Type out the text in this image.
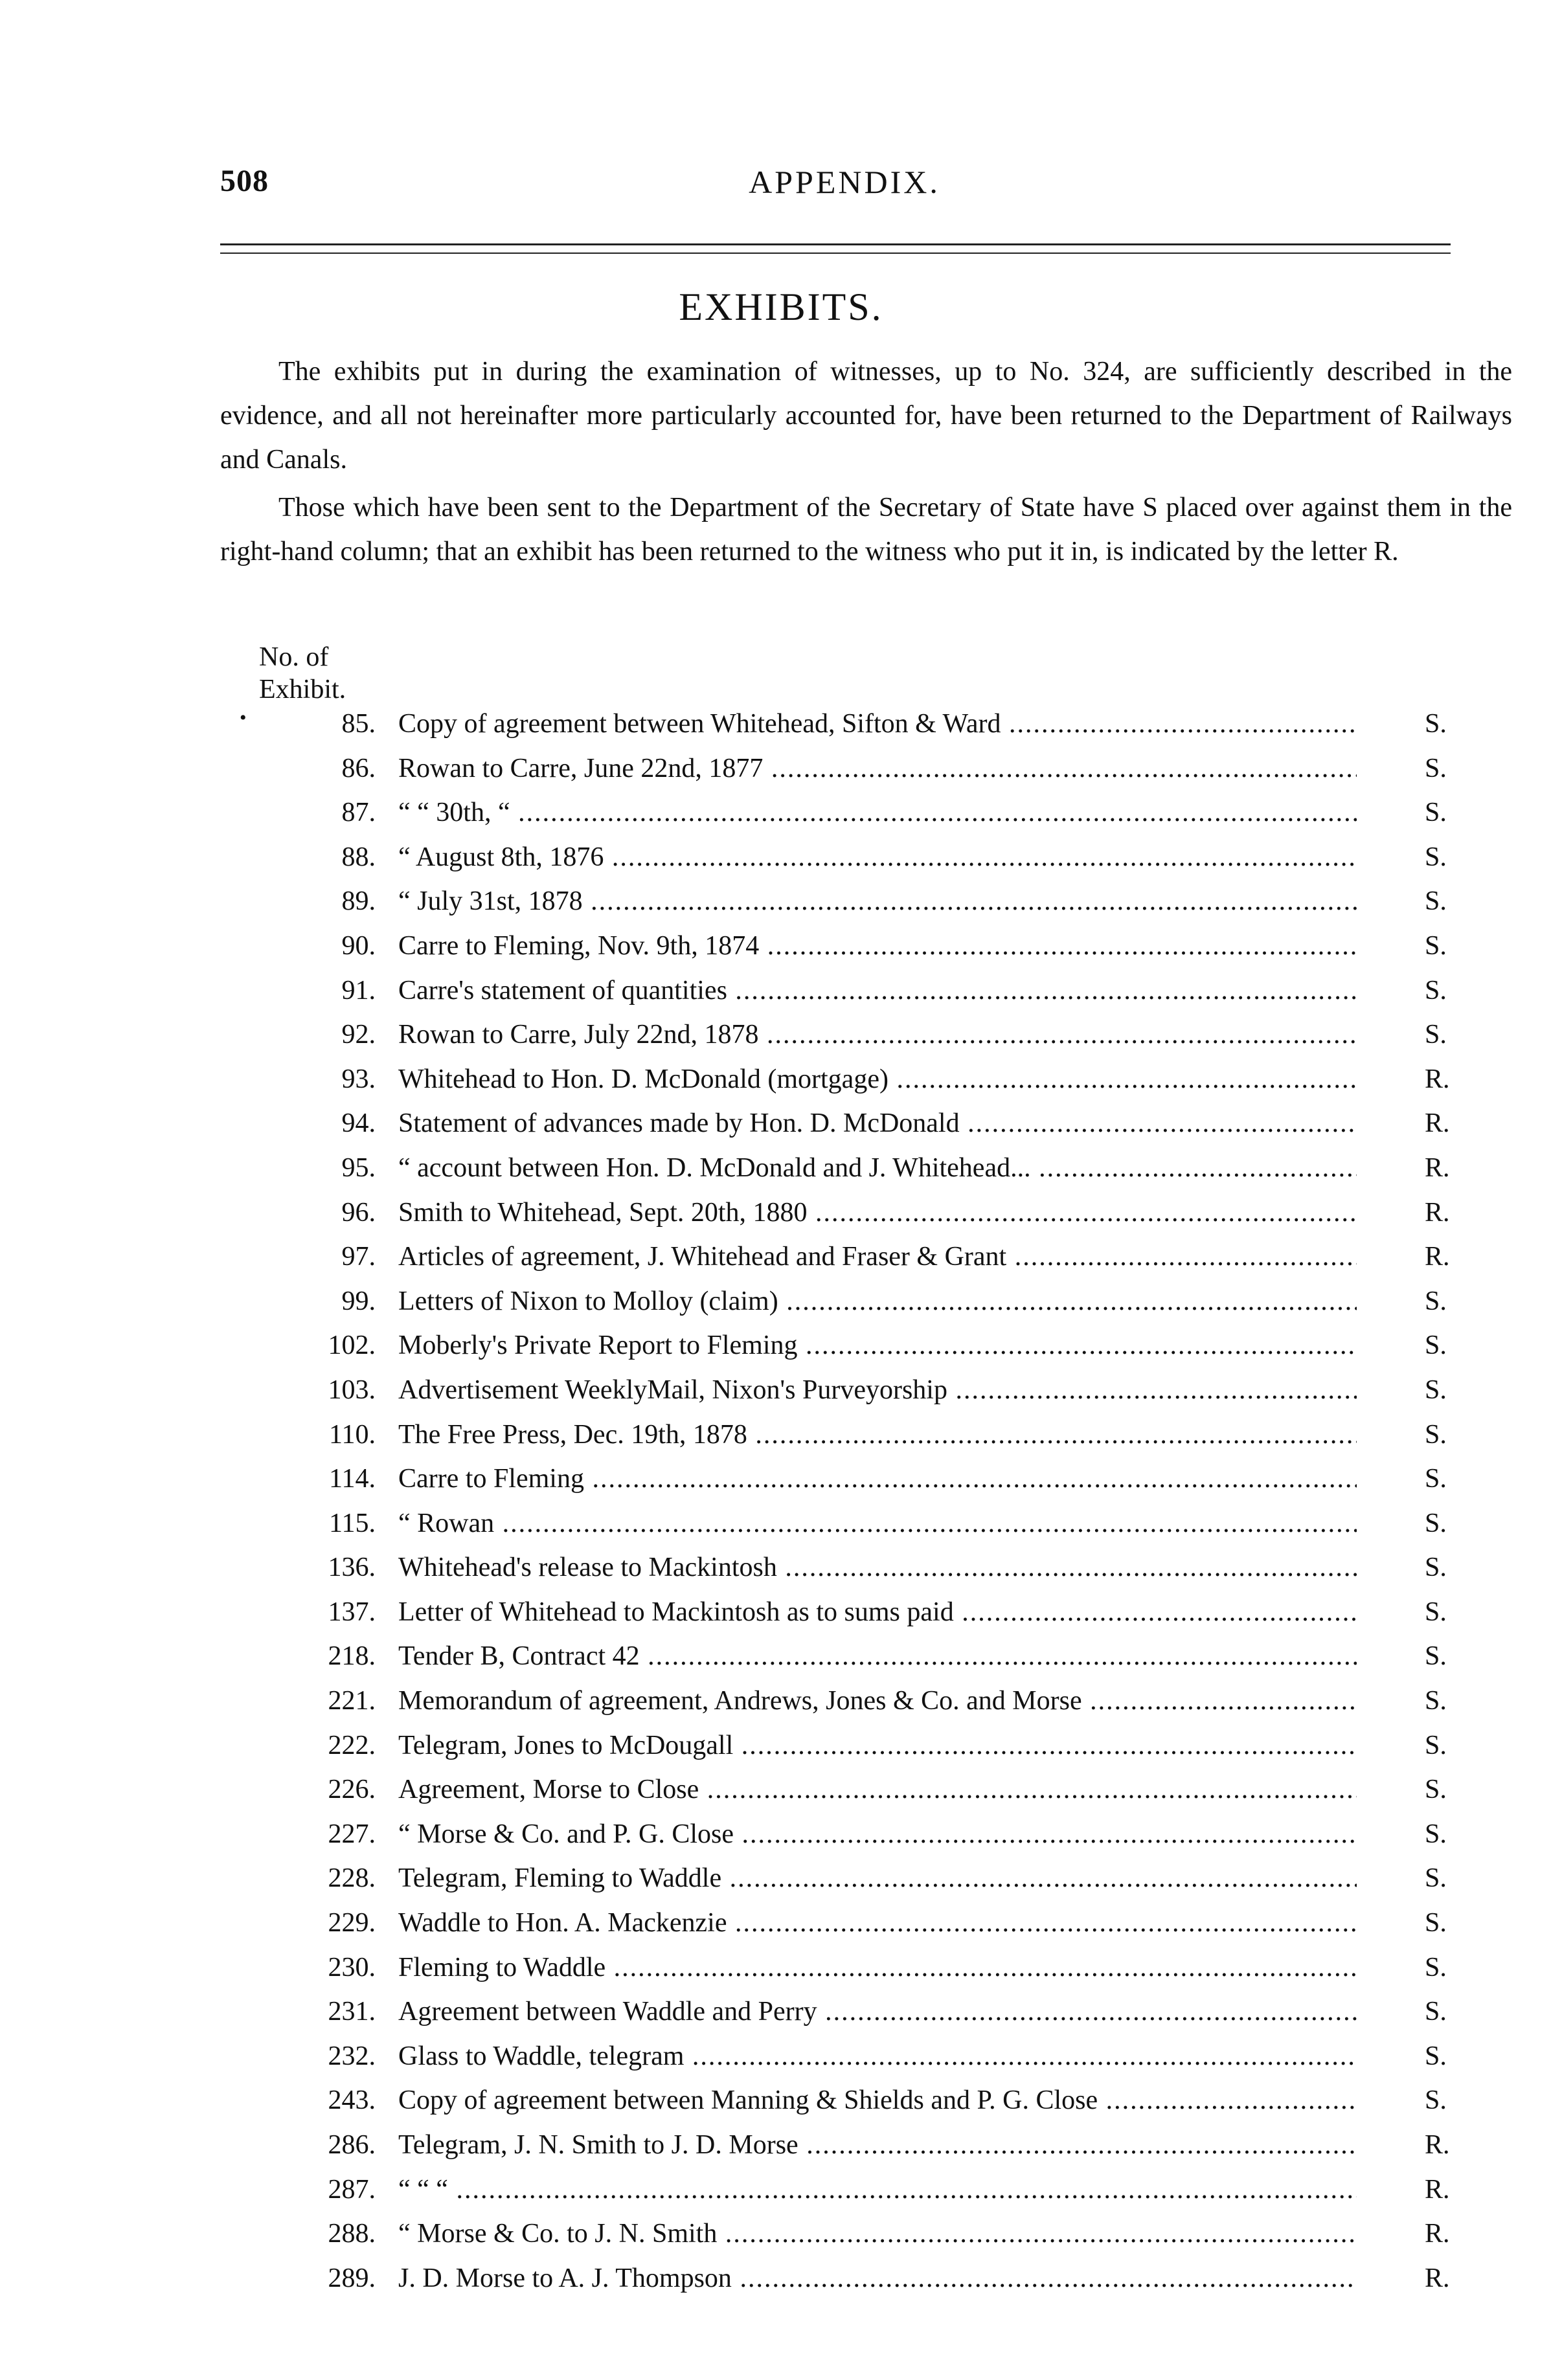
508	APPENDIX.
EXHIBITS.

The exhibits put in during the examination of witnesses, up to No. 324, are sufficiently described in the evidence, and all not hereinafter more particularly accounted for, have been returned to the Department of Railways and Canals.

Those which have been sent to the Department of the Secretary of State have S placed over against them in the right-hand column; that an exhibit has been returned to the witness who put it in, is indicated by the letter R.

No. of
Exhibit.
•	85. Copy of agreement between Whitehead, Sifton & Ward .....	S.
86. Rowan to Carre, June 22nd, 1877 .....	S.
87. “ “ 30th, “ .....	S.
88. “ August 8th, 1876 .....	S.
89. “ July 31st, 1878 .....	S.
90. Carre to Fleming, Nov. 9th, 1874 .....	S.
91. Carre's statement of quantities .....	S.
92. Rowan to Carre, July 22nd, 1878 .....	S.
93. Whitehead to Hon. D. McDonald (mortgage) .....	R.
94. Statement of advances made by Hon. D. McDonald .....	R.
95. “ account between Hon. D. McDonald and J. Whitehead... .....	R.
96. Smith to Whitehead, Sept. 20th, 1880 .....	R.
97. Articles of agreement, J. Whitehead and Fraser & Grant .....	R.
99. Letters of Nixon to Molloy (claim) .....	S.
102. Moberly's Private Report to Fleming .....	S.
103. Advertisement WeeklyMail, Nixon's Purveyorship .....	S.
110. The Free Press, Dec. 19th, 1878 .....	S.
114. Carre to Fleming .....	S.
115. “ Rowan .....	S.
136. Whitehead's release to Mackintosh .....	S.
137. Letter of Whitehead to Mackintosh as to sums paid .....	S.
218. Tender B, Contract 42 .....	S.
221. Memorandum of agreement, Andrews, Jones & Co. and Morse .....	S.
222. Telegram, Jones to McDougall .....	S.
226. Agreement, Morse to Close .....	S.
227. “ Morse & Co. and P. G. Close .....	S.
228. Telegram, Fleming to Waddle .....	S.
229. Waddle to Hon. A. Mackenzie .....	S.
230. Fleming to Waddle .....	S.
231. Agreement between Waddle and Perry .....	S.
232. Glass to Waddle, telegram .....	S.
243. Copy of agreement between Manning & Shields and P. G. Close .....	S.
286. Telegram, J. N. Smith to J. D. Morse .....	R.
287. “ “ “ .....	R.
288. “ Morse & Co. to J. N. Smith .....	R.
289. J. D. Morse to A. J. Thompson .....	R.
